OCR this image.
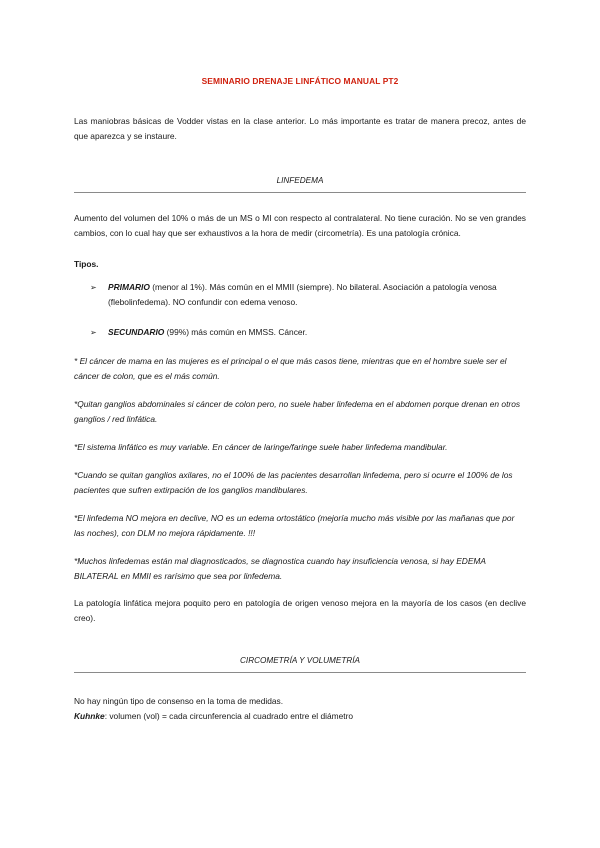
SEMINARIO DRENAJE LINFÁTICO MANUAL PT2
Las maniobras básicas de Vodder vistas en la clase anterior. Lo más importante es tratar de manera precoz, antes de que aparezca y se instaure.
LINFEDEMA
Aumento del volumen del 10% o más de un MS o MI con respecto al contralateral. No tiene curación. No se ven grandes cambios, con lo cual hay que ser exhaustivos a la hora de medir (circometría). Es una patología crónica.
Tipos.
➢	PRIMARIO (menor al 1%). Más común en el MMII (siempre). No bilateral. Asociación a patología venosa (flebolinfedema). NO confundir con edema venoso.
➢	SECUNDARIO (99%) más común en MMSS. Cáncer.
* El cáncer de mama en las mujeres es el principal o el que más casos tiene, mientras que en el hombre suele ser el cáncer de colon, que es el más común.
*Quitan ganglios abdominales si cáncer de colon pero, no suele haber linfedema en el abdomen porque drenan en otros ganglios / red linfática.
*El sistema linfático es muy variable. En cáncer de laringe/faringe suele haber linfedema mandibular.
*Cuando se quitan ganglios axilares, no el 100% de las pacientes desarrollan linfedema, pero si ocurre el 100% de los pacientes que sufren extirpación de los ganglios mandibulares.
*El linfedema NO mejora en declive, NO es un edema ortostático (mejoría mucho más visible por las mañanas que por las noches), con DLM no mejora rápidamente. !!!
*Muchos linfedemas están mal diagnosticados, se diagnostica cuando hay insuficiencia venosa, si hay EDEMA BILATERAL en MMII es rarísimo que sea por linfedema.
La patología linfática mejora poquito pero en patología de origen venoso mejora en la mayoría de los casos (en declive creo).
CIRCOMETRÍA Y VOLUMETRÍA
No hay ningún tipo de consenso en la toma de medidas.
Kuhnke: volumen (vol) = cada circunferencia al cuadrado entre el diámetro
